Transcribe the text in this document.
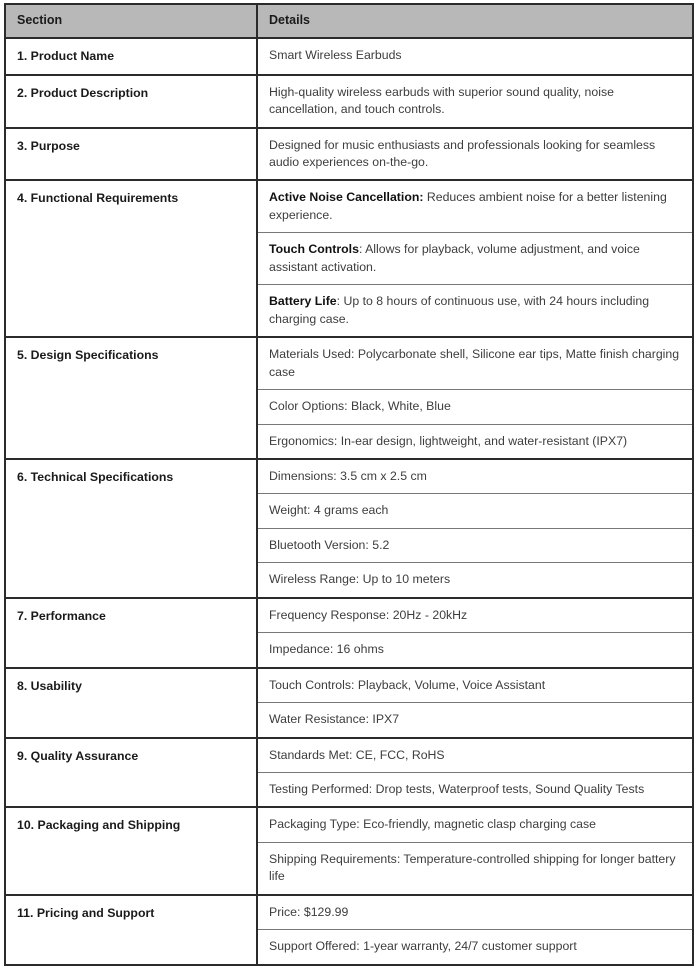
Section	Details
1. Product Name	Smart Wireless Earbuds

2. Product Description	High-quality wireless earbuds with superior sound quality, noise cancellation, and touch controls.

3. Purpose	Designed for music enthusiasts and professionals looking for seamless audio experiences on-the-go.

4. Functional Requirements	Active Noise Cancellation: Reduces ambient noise for a better listening experience.
Touch Controls: Allows for playback, volume adjustment, and voice assistant activation.
Battery Life: Up to 8 hours of continuous use, with 24 hours including charging case.

5. Design Specifications	Materials Used: Polycarbonate shell, Silicone ear tips, Matte finish charging case
Color Options: Black, White, Blue
Ergonomics: In-ear design, lightweight, and water-resistant (IPX7)

6. Technical Specifications	Dimensions: 3.5 cm x 2.5 cm
Weight: 4 grams each
Bluetooth Version: 5.2
Wireless Range: Up to 10 meters

7. Performance	Frequency Response: 20Hz - 20kHz
Impedance: 16 ohms

8. Usability	Touch Controls: Playback, Volume, Voice Assistant
Water Resistance: IPX7

9. Quality Assurance	Standards Met: CE, FCC, RoHS
Testing Performed: Drop tests, Waterproof tests, Sound Quality Tests

10. Packaging and Shipping	Packaging Type: Eco-friendly, magnetic clasp charging case
Shipping Requirements: Temperature-controlled shipping for longer battery life

11. Pricing and Support	Price: $129.99
Support Offered: 1-year warranty, 24/7 customer support
